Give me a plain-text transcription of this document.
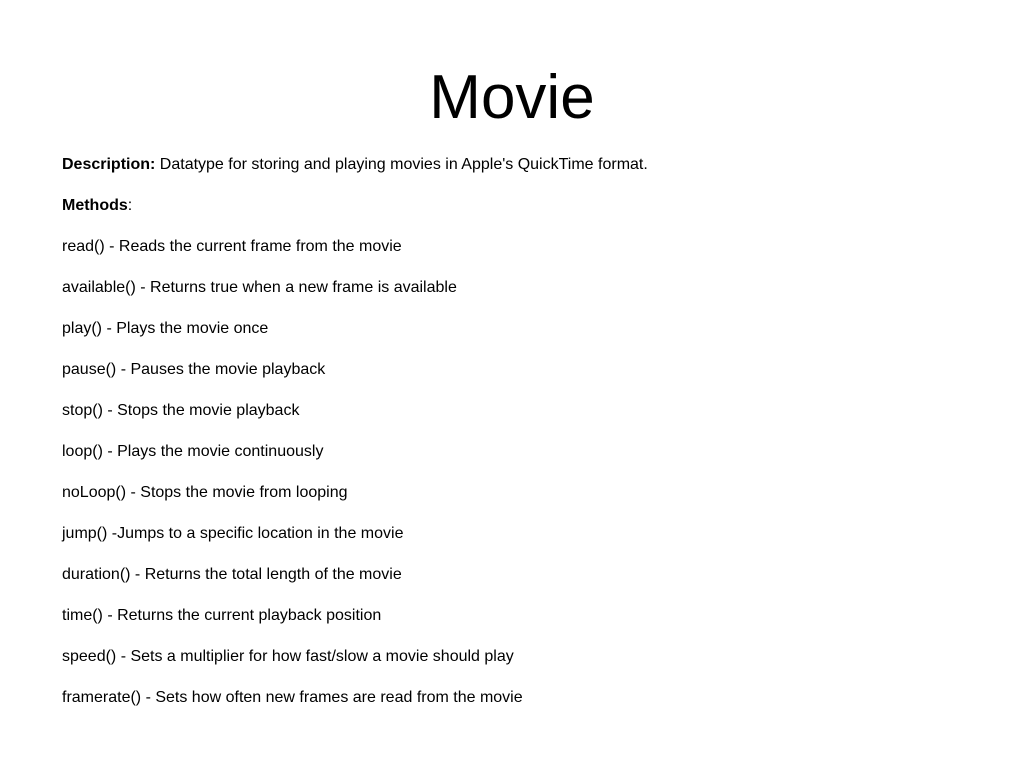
Movie
Description: Datatype for storing and playing movies in Apple's QuickTime format.
Methods:
read() - Reads the current frame from the movie
available() - Returns true when a new frame is available
play() - Plays the movie once
pause() - Pauses the movie playback
stop() - Stops the movie playback
loop() - Plays the movie continuously
noLoop() - Stops the movie from looping
jump() -Jumps to a specific location in the movie
duration() - Returns the total length of the movie
time() - Returns the current playback position
speed() - Sets a multiplier for how fast/slow a movie should play
framerate() - Sets how often new frames are read from the movie
